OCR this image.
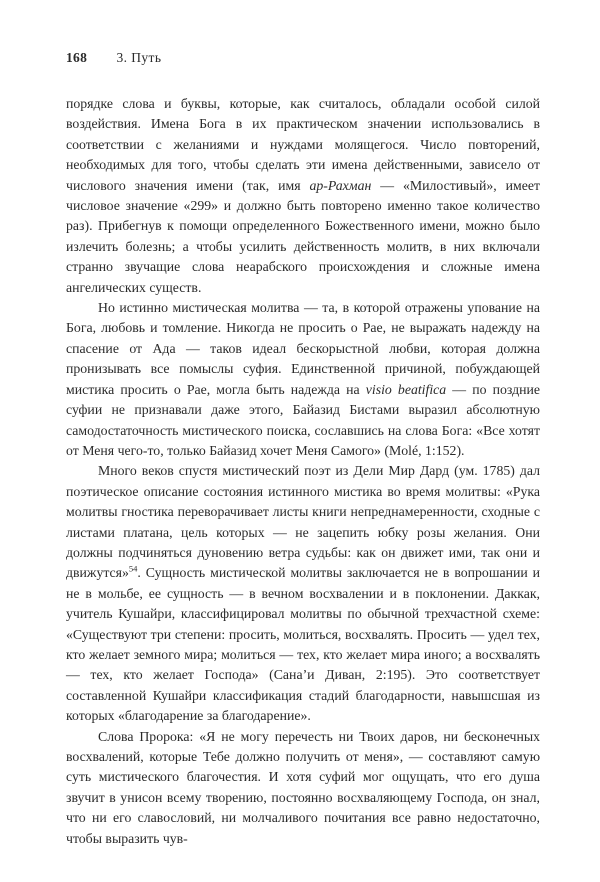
168 3. Путь

порядке слова и буквы, которые, как считалось, обладали особой силой воздействия. Имена Бога в их практическом значении использовались в соответствии с желаниями и нуждами молящегося. Число повторений, необходимых для того, чтобы сделать эти имена действенными, зависело от числового значения имени (так, имя ар-Рахман — «Милостивый», имеет числовое значение «299» и должно быть повторено именно такое количество раз). Прибегнув к помощи определенного Божественного имени, можно было излечить болезнь; а чтобы усилить действенность молитв, в них включали странно звучащие слова неарабского происхождения и сложные имена ангелических существ.

Но истинно мистическая молитва — та, в которой отражены упование на Бога, любовь и томление. Никогда не просить о Рае, не выражать надежду на спасение от Ада — таков идеал бескорыстной любви, которая должна пронизывать все помыслы суфия. Единственной причиной, побуждающей мистика просить о Рае, могла быть надежда на visio beatifica — по поздние суфии не признавали даже этого, Байазид Бистами выразил абсолютную самодостаточность мистического поиска, сославшись на слова Бога: «Все хотят от Меня чего-то, только Байазид хочет Меня Самого» (Molé, 1:152).

Много веков спустя мистический поэт из Дели Мир Дард (ум. 1785) дал поэтическое описание состояния истинного мистика во время молитвы: «Рука молитвы гностика переворачивает листы книги непреднамеренности, сходные с листами платана, цель которых — не зацепить юбку розы желания. Они должны подчиняться дуновению ветра судьбы: как он движет ими, так они и движутся»$^{54}$. Сущность мистической молитвы заключается не в вопрошании и не в мольбе, ее сущность — в вечном восхвалении и в поклонении. Даккак, учитель Кушайри, классифицировал молитвы по обычной трехчастной схеме: «Существуют три степени: просить, молиться, восхвалять. Просить — удел тех, кто желает земного мира; молиться — тех, кто желает мира иного; а восхвалять — тех, кто желает Господа» (Сана’и Диван, 2:195). Это соответствует составленной Кушайри классификация стадий благодарности, навышсшая из которых «благодарение за благодарение».

Слова Пророка: «Я не могу перечесть ни Твоих даров, ни бесконечных восхвалений, которые Тебе должно получить от меня», — составляют самую суть мистического благочестия. И хотя суфий мог ощущать, что его душа звучит в унисон всему творению, постоянно восхваляющему Господа, он знал, что ни его славословий, ни молчаливого почитания все равно недостаточно, чтобы выразить чув-
